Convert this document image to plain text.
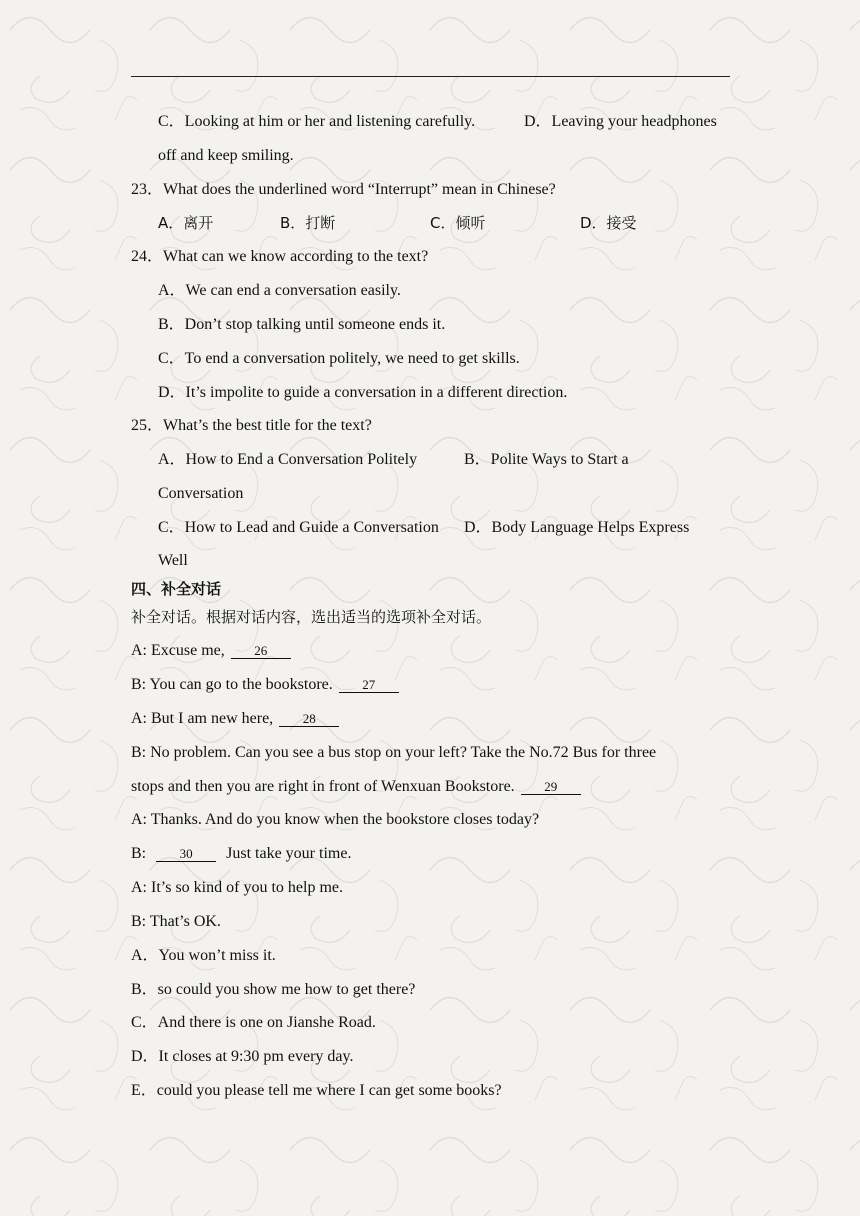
C．Looking at him or her and listening carefully.	D．Leaving your headphones
off and keep smiling.
23．What does the underlined word “Interrupt” mean in Chinese?
A．离开	B．打断	C．倾听	D．接受
24．What can we know according to the text?
A．We can end a conversation easily.
B．Don’t stop talking until someone ends it.
C．To end a conversation politely, we need to get skills.
D．It’s impolite to guide a conversation in a different direction.
25．What’s the best title for the text?
A．How to End a Conversation Politely	B．Polite Ways to Start a
Conversation
C．How to Lead and Guide a Conversation D．Body Language Helps Express
Well
四、补全对话
补全对话。根据对话内容，选出适当的选项补全对话。
A: Excuse me, 26
B: You can go to the bookstore. 27
A: But I am new here, 28
B: No problem. Can you see a bus stop on your left? Take the No.72 Bus for three
stops and then you are right in front of Wenxuan Bookstore. 29
A: Thanks. And do you know when the bookstore closes today?
B:	30 Just take your time.
A: It’s so kind of you to help me.
B: That’s OK.
A．You won’t miss it.
B．so could you show me how to get there?
C．And there is one on Jianshe Road.
D．It closes at 9:30 pm every day.
E．could you please tell me where I can get some books?
